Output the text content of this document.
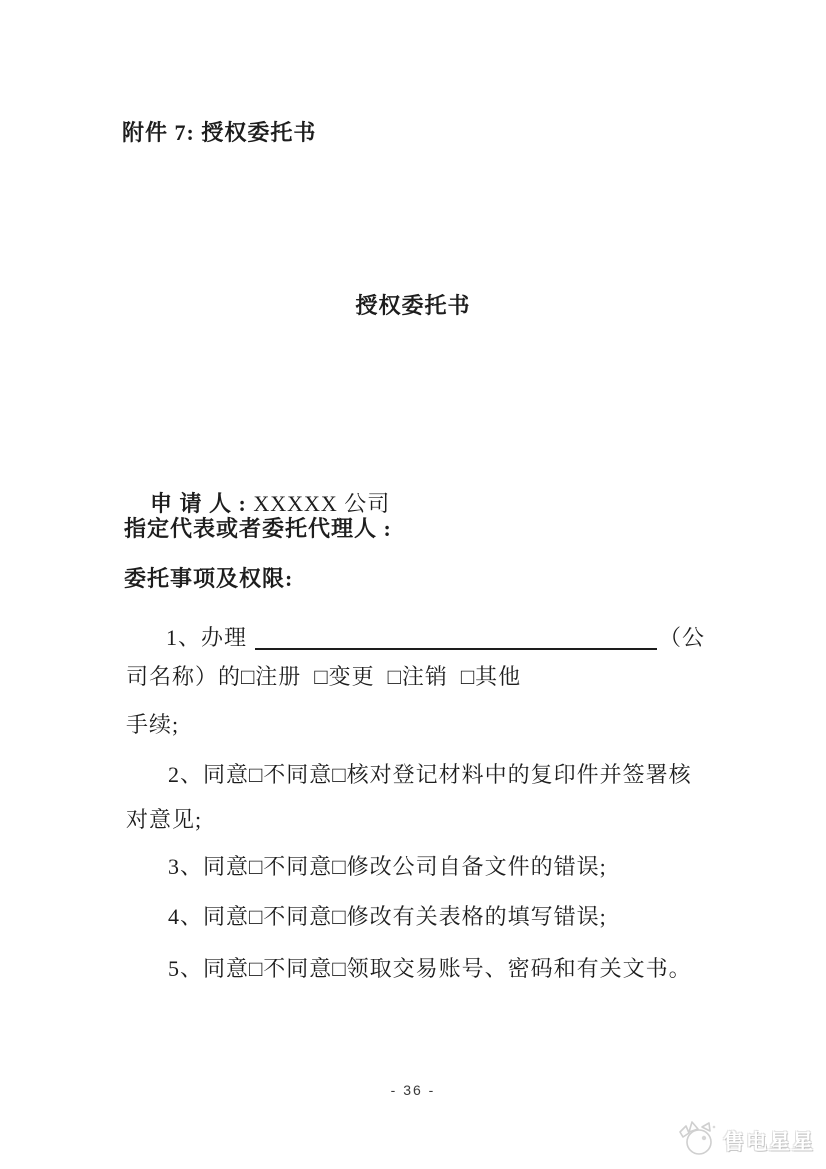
附件 7: 授权委托书
授权委托书

申 请 人 : XXXXX 公司

指定代表或者委托代理人 :
委托事项及权限:
1、办理	（公
司名称）的□注册  □变更  □注销  □其他
手续;
2、同意□不同意□核对登记材料中的复印件并签署核
对意见;
3、同意□不同意□修改公司自备文件的错误;
4、同意□不同意□修改有关表格的填写错误;
5、同意□不同意□领取交易账号、密码和有关文书。
- 36 -
售电星星
